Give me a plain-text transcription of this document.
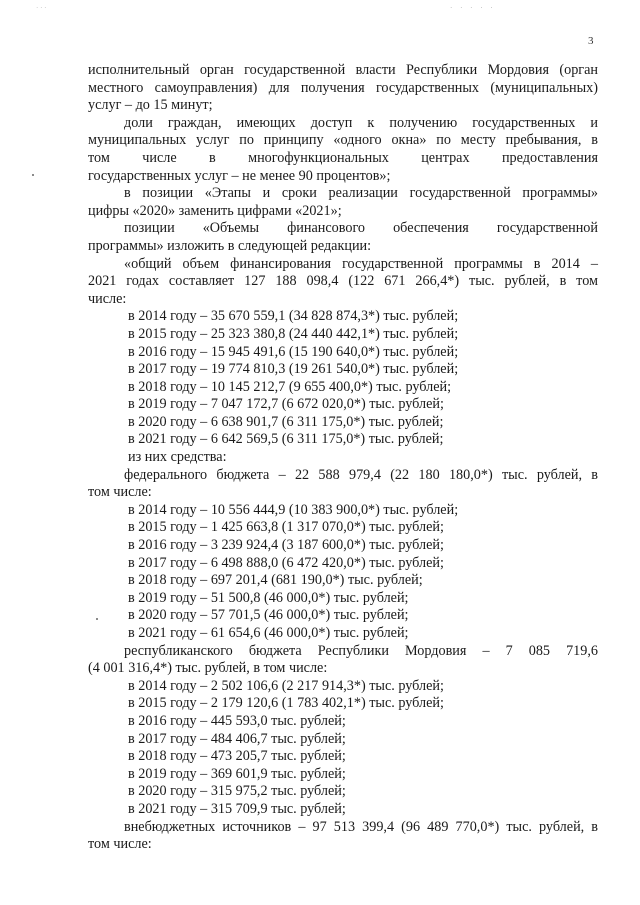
· · ·	· · · · ·
3

исполнительный орган государственной власти Республики Мордовия (орган

местного самоуправления) для получения государственных (муниципальных)

услуг – до 15 минут;

доли граждан, имеющих доступ к получению государственных и

муниципальных услуг по принципу «одного окна» по месту пребывания, в

том числе в многофункциональных центрах предоставления

государственных услуг – не менее 90 процентов»;

в позиции «Этапы и сроки реализации государственной программы»

цифры «2020» заменить цифрами «2021»;

позиции «Объемы финансового обеспечения государственной

программы» изложить в следующей редакции:

«общий объем финансирования государственной программы в 2014 –

2021 годах составляет 127 188 098,4 (122 671 266,4*) тыс. рублей, в том

числе:

в 2014 году – 35 670 559,1 (34 828 874,3*) тыс. рублей;

в 2015 году – 25 323 380,8 (24 440 442,1*) тыс. рублей;

в 2016 году – 15 945 491,6 (15 190 640,0*) тыс. рублей;

в 2017 году – 19 774 810,3 (19 261 540,0*) тыс. рублей;

в 2018 году – 10 145 212,7 (9 655 400,0*) тыс. рублей;

в 2019 году – 7 047 172,7 (6 672 020,0*) тыс. рублей;

в 2020 году – 6 638 901,7 (6 311 175,0*) тыс. рублей;

в 2021 году – 6 642 569,5 (6 311 175,0*) тыс. рублей;

из них средства:

федерального бюджета – 22 588 979,4 (22 180 180,0*) тыс. рублей, в

том числе:

в 2014 году – 10 556 444,9 (10 383 900,0*) тыс. рублей;

в 2015 году – 1 425 663,8 (1 317 070,0*) тыс. рублей;

в 2016 году – 3 239 924,4 (3 187 600,0*) тыс. рублей;

в 2017 году – 6 498 888,0 (6 472 420,0*) тыс. рублей;

в 2018 году – 697 201,4 (681 190,0*) тыс. рублей;

в 2019 году – 51 500,8 (46 000,0*) тыс. рублей;

в 2020 году – 57 701,5 (46 000,0*) тыс. рублей;

в 2021 году – 61 654,6 (46 000,0*) тыс. рублей;

республиканского бюджета Республики Мордовия – 7 085 719,6

(4 001 316,4*) тыс. рублей, в том числе:

в 2014 году – 2 502 106,6 (2 217 914,3*) тыс. рублей;

в 2015 году – 2 179 120,6 (1 783 402,1*) тыс. рублей;

в 2016 году – 445 593,0 тыс. рублей;

в 2017 году – 484 406,7 тыс. рублей;

в 2018 году – 473 205,7 тыс. рублей;

в 2019 году – 369 601,9 тыс. рублей;

в 2020 году – 315 975,2 тыс. рублей;

в 2021 году – 315 709,9 тыс. рублей;

внебюджетных источников – 97 513 399,4 (96 489 770,0*) тыс. рублей, в

том числе:
